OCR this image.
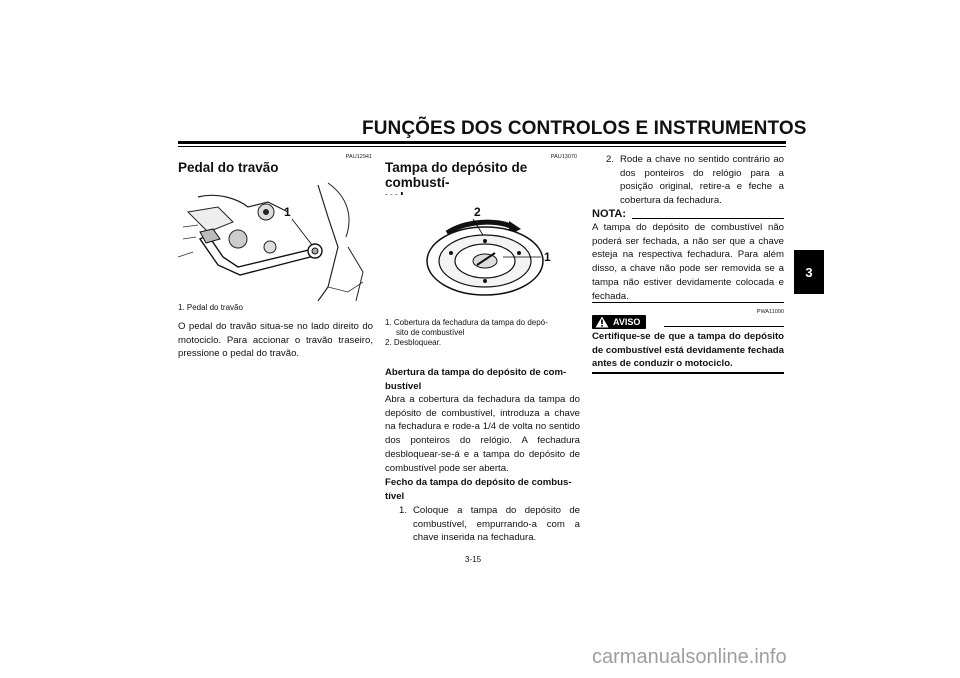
FUNÇÕES DOS CONTROLOS E INSTRUMENTOS
3
PAU12941
Pedal do travão
1
1. Pedal do travão
O pedal do travão situa-se no lado direito do motociclo. Para accionar o travão traseiro, pressione o pedal do travão.
PAU13070
Tampa do depósito de combustí-
2
1
1. Cobertura da fechadura da tampa do depó-
sito de combustível
2. Desbloquear.
Abertura da tampa do depósito de com-
bustível
Abra a cobertura da fechadura da tampa do depósito de combustível, introduza a chave na fechadura e rode-a 1/4 de volta no sentido dos ponteiros do relógio. A fechadura desbloquear-se-á e a tampa do depósito de combustível pode ser aberta.
Fecho da tampa do depósito de combus-
tível
1. Coloque a tampa do depósito de combustível, empurrando-a com a chave inserida na fechadura.
3-15
2. Rode a chave no sentido contrário ao dos ponteiros do relógio para a posição original, retire-a e feche a cobertura da fechadura.
NOTA:
A tampa do depósito de combustível não poderá ser fechada, a não ser que a chave esteja na respectiva fechadura. Para além disso, a chave não pode ser removida se a tampa não estiver devidamente colocada e fechada.
PWA11090
AVISO
Certifique-se de que a tampa do depósito de combustível está devidamente fechada antes de conduzir o motociclo.
carmanualsonline.info
